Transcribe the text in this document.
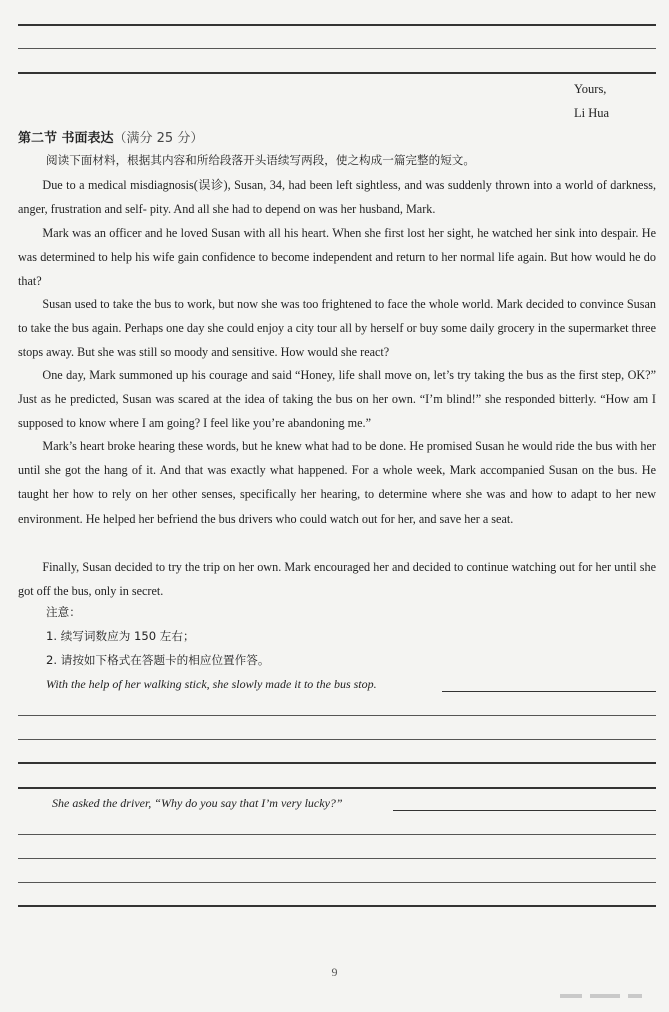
Yours,
Li Hua
第二节 书面表达（满分 25 分）

阅读下面材料，根据其内容和所给段落开头语续写两段，使之构成一篇完整的短文。

Due to a medical misdiagnosis(误诊), Susan, 34, had been left sightless, and was suddenly thrown into a world of darkness, anger, frustration and self- pity. And all she had to depend on was her husband, Mark.

Mark was an officer and he loved Susan with all his heart. When she first lost her sight, he watched her sink into despair. He was determined to help his wife gain confidence to become independent and return to her normal life again. But how would he do that?

Susan used to take the bus to work, but now she was too frightened to face the whole world. Mark decided to convince Susan to take the bus again. Perhaps one day she could enjoy a city tour all by herself or buy some daily grocery in the supermarket three stops away. But she was still so moody and sensitive. How would she react?

One day, Mark summoned up his courage and said “Honey, life shall move on, let’s try taking the bus as the first step, OK?” Just as he predicted, Susan was scared at the idea of taking the bus on her own. “I’m blind!” she responded bitterly. “How am I supposed to know where I am going? I feel like you’re abandoning me.”

Mark’s heart broke hearing these words, but he knew what had to be done. He promised Susan he would ride the bus with her until she got the hang of it. And that was exactly what happened. For a whole week, Mark accompanied Susan on the bus. He taught her how to rely on her other senses, specifically her hearing, to determine where she was and how to adapt to her new environment. He helped her befriend the bus drivers who could watch out for her, and save her a seat.

Finally, Susan decided to try the trip on her own. Mark encouraged her and decided to continue watching out for her until she got off the bus, only in secret.

注意：
1. 续写词数应为 150 左右；
2. 请按如下格式在答题卡的相应位置作答。
With the help of her walking stick, she slowly made it to the bus stop.
She asked the driver, “Why do you say that I’m very lucky?”
9
